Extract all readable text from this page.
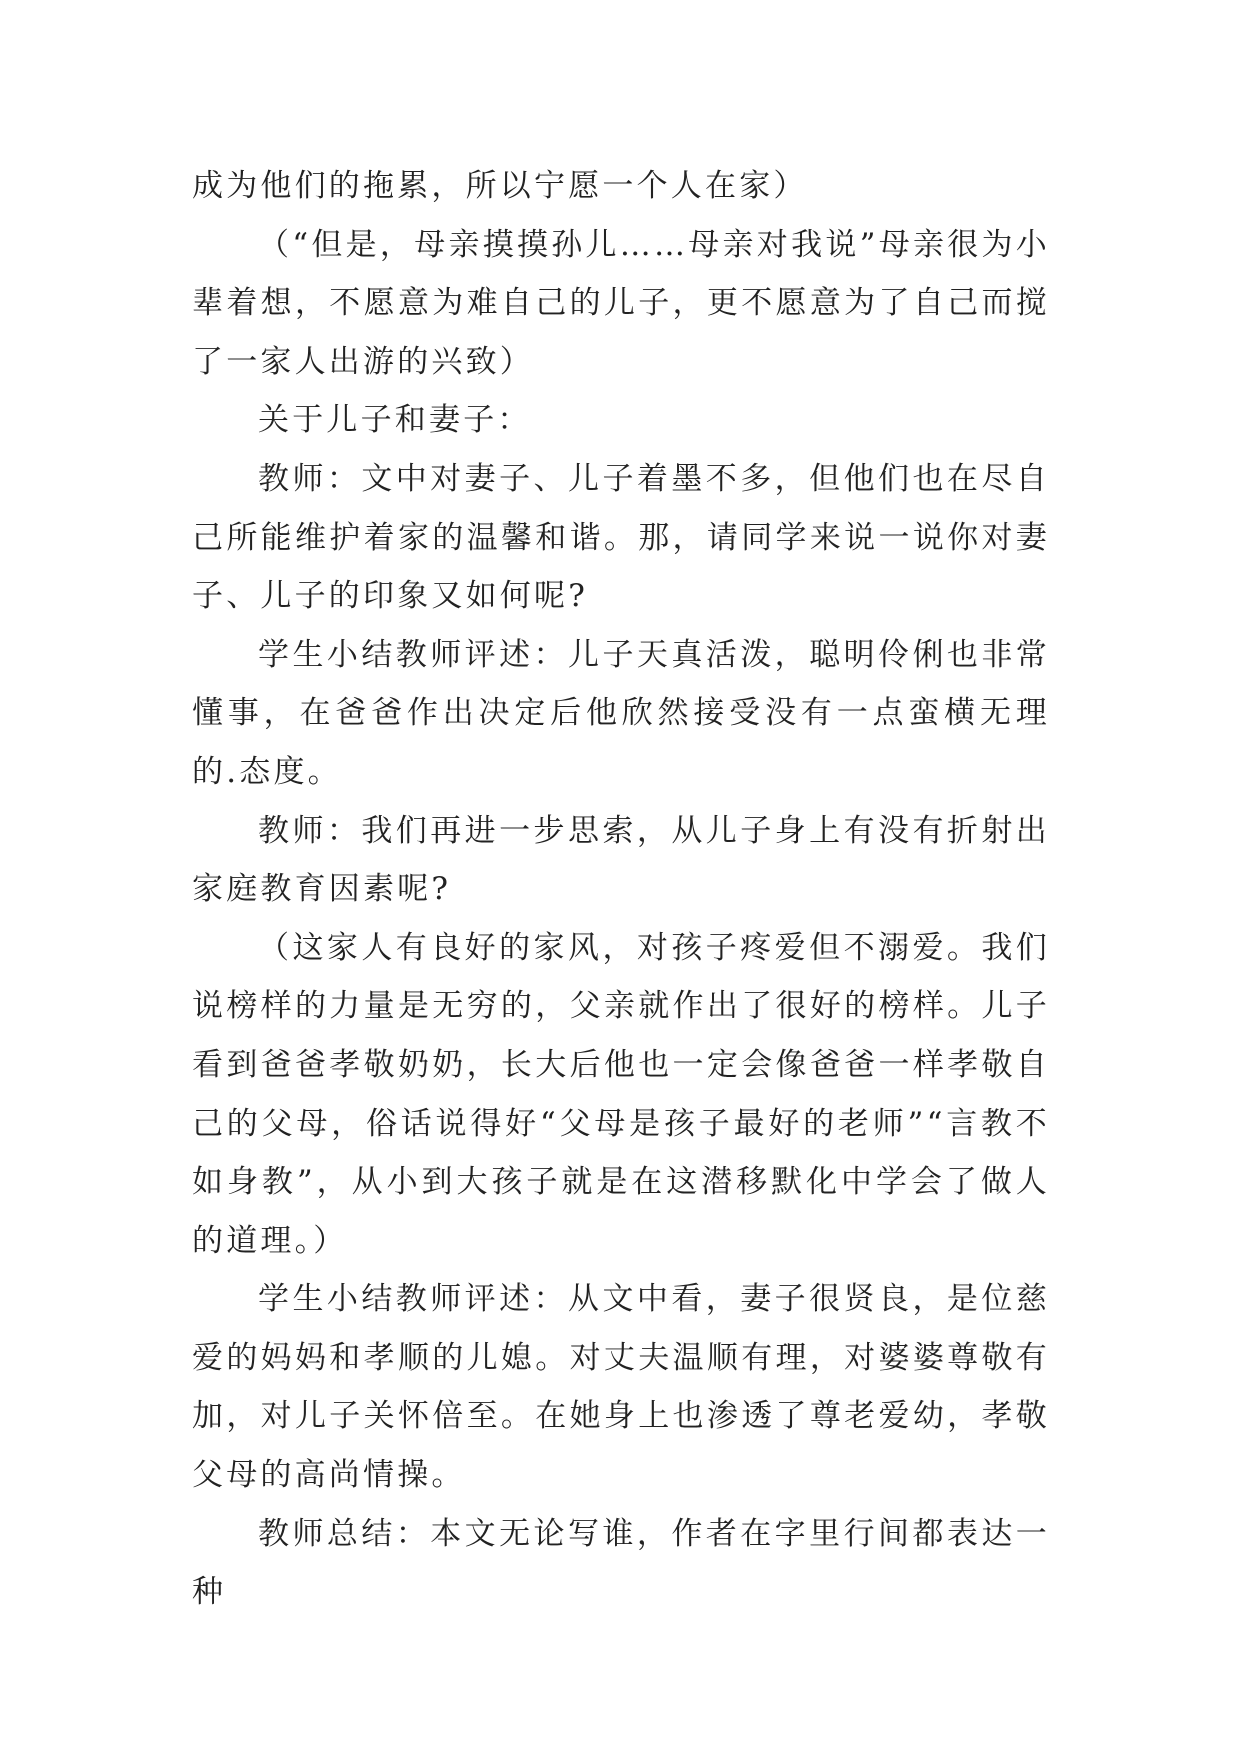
成为他们的拖累，所以宁愿一个人在家）

（“但是，母亲摸摸孙儿……母亲对我说”母亲很为小辈着想，不愿意为难自己的儿子，更不愿意为了自己而搅了一家人出游的兴致）

关于儿子和妻子：

教师：文中对妻子、儿子着墨不多，但他们也在尽自己所能维护着家的温馨和谐。那，请同学来说一说你对妻子、儿子的印象又如何呢?

学生小结教师评述：儿子天真活泼，聪明伶俐也非常懂事，在爸爸作出决定后他欣然接受没有一点蛮横无理的.态度。

教师：我们再进一步思索，从儿子身上有没有折射出家庭教育因素呢?

（这家人有良好的家风，对孩子疼爱但不溺爱。我们说榜样的力量是无穷的，父亲就作出了很好的榜样。儿子看到爸爸孝敬奶奶，长大后他也一定会像爸爸一样孝敬自己的父母，俗话说得好“父母是孩子最好的老师”“言教不如身教”，从小到大孩子就是在这潜移默化中学会了做人的道理。）

学生小结教师评述：从文中看，妻子很贤良，是位慈爱的妈妈和孝顺的儿媳。对丈夫温顺有理，对婆婆尊敬有加，对儿子关怀倍至。在她身上也渗透了尊老爱幼，孝敬父母的高尚情操。

教师总结：本文无论写谁，作者在字里行间都表达一种
